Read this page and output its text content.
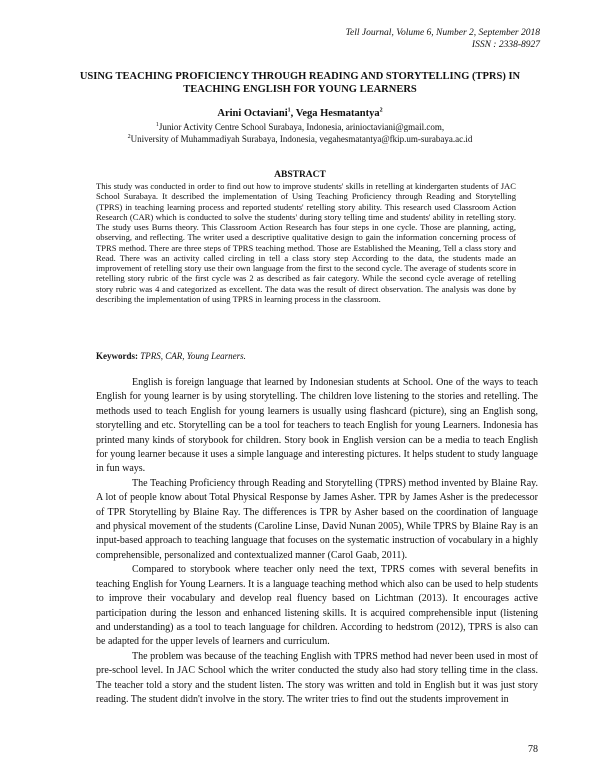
Tell Journal, Volume 6, Number 2, September 2018
ISSN : 2338-8927
USING TEACHING PROFICIENCY THROUGH READING AND STORYTELLING (TPRS) IN TEACHING ENGLISH FOR YOUNG LEARNERS
Arini Octaviani$^1$, Vega Hesmatantya$^2$
$^1$Junior Activity Centre School Surabaya, Indonesia, arinioctaviani@gmail.com,
$^2$University of Muhammadiyah Surabaya, Indonesia, vegahesmatantya@fkip.um-surabaya.ac.id
ABSTRACT

This study was conducted in order to find out how to improve students' skills in retelling at kindergarten students of JAC School Surabaya. It described the implementation of Using Teaching Proficiency through Reading and Storytelling (TPRS) in teaching learning process and reported students' retelling story ability. This research used Classroom Action Research (CAR) which is conducted to solve the students' during story telling time and students' ability in retelling story. The study uses Burns theory. This Classroom Action Research has four steps in one cycle. Those are planning, acting, observing, and reflecting. The writer used a descriptive qualitative design to gain the information concerning process of TPRS method. There are three steps of TPRS teaching method. Those are Established the Meaning, Tell a class story and Read. There was an activity called circling in tell a class story step According to the data, the students made an improvement of retelling story use their own language from the first to the second cycle. The average of students score in retelling story rubric of the first cycle was 2 as described as fair category. While the second cycle average of retelling story rubric was 4 and categorized as excellent. The data was the result of direct observation. The analysis was done by describing the implementation of using TPRS in learning process in the classroom.

Keywords: TPRS, CAR, Young Learners.

English is foreign language that learned by Indonesian students at School. One of the ways to teach English for young learner is by using storytelling. The children love listening to the stories and retelling. The methods used to teach English for young learners is usually using flashcard (picture), sing an English song, storytelling and etc. Storytelling can be a tool for teachers to teach English for young Learners. Indonesia has printed many kinds of storybook for children. Story book in English version can be a media to teach English for young learner because it uses a simple language and interesting pictures. It helps student to study language in fun ways.

The Teaching Proficiency through Reading and Storytelling (TPRS) method invented by Blaine Ray. A lot of people know about Total Physical Response by James Asher. TPR by James Asher is the predecessor of TPR Storytelling by Blaine Ray. The differences is TPR by Asher based on the coordination of language and physical movement of the students (Caroline Linse, David Nunan 2005), While TPRS by Blaine Ray is an input-based approach to teaching language that focuses on the systematic instruction of vocabulary in a highly comprehensible, personalized and contextualized manner (Carol Gaab, 2011).

Compared to storybook where teacher only need the text, TPRS comes with several benefits in teaching English for Young Learners. It is a language teaching method which also can be used to help students to improve their vocabulary and develop real fluency based on Lichtman (2013). It encourages active participation during the lesson and enhanced listening skills. It is acquired comprehensible input (listening and understanding) as a tool to teach language for children. According to hedstrom (2012), TPRS is also can be adapted for the upper levels of learners and curriculum.

The problem was because of the teaching English with TPRS method had never been used in most of pre-school level. In JAC School which the writer conducted the study also had story telling time in the class. The teacher told a story and the student listen. The story was written and told in English but it was just story reading. The student didn't involve in the story. The writer tries to find out the students improvement in

78
